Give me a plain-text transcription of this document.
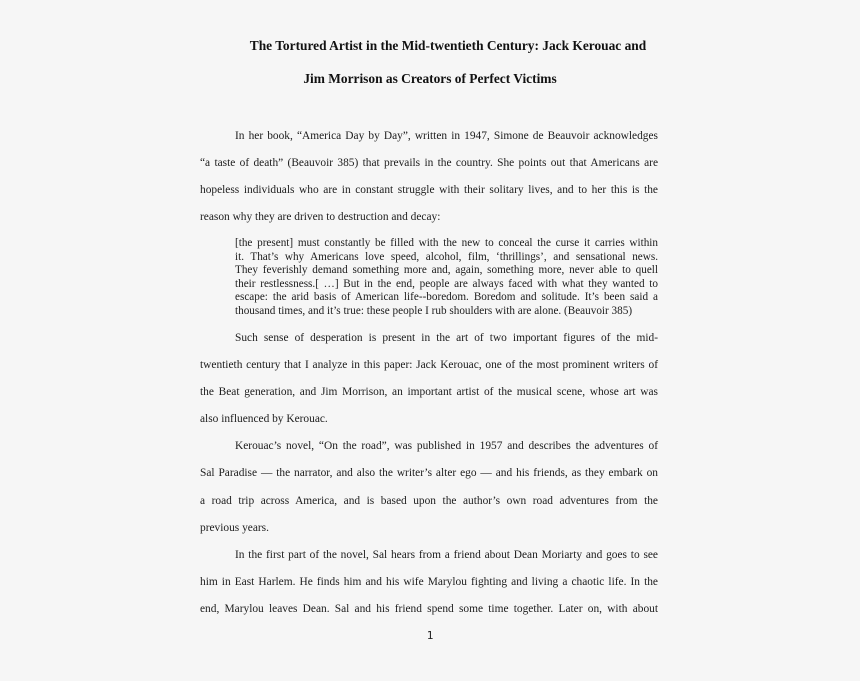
The Tortured Artist in the Mid-twentieth Century: Jack Kerouac and
Jim Morrison as Creators of Perfect Victims
In her book, “America Day by Day”, written in 1947, Simone de Beauvoir acknowledges
“a taste of death” (Beauvoir 385) that prevails in the country. She points out that Americans are
hopeless individuals who are in constant struggle with their solitary lives, and to her this is the
reason why they are driven to destruction and decay:
[the present] must constantly be filled with the new to conceal the curse it carries within
it. That’s why Americans love speed, alcohol, film, ‘thrillings’, and sensational news.
They feverishly demand something more and, again, something more, never able to quell
their restlessness.[ …] But in the end, people are always faced with what they wanted to
escape: the arid basis of American life--boredom. Boredom and solitude. It’s been said a
thousand times, and it’s true: these people I rub shoulders with are alone. (Beauvoir 385)
Such sense of desperation is present in the art of two important figures of the mid-
twentieth century that I analyze in this paper: Jack Kerouac, one of the most prominent writers of
the Beat generation, and Jim Morrison, an important artist of the musical scene, whose art was
also influenced by Kerouac.
Kerouac’s novel, “On the road”, was published in 1957 and describes the adventures of
Sal Paradise — the narrator, and also the writer’s alter ego — and his friends, as they embark on
a road trip across America, and is based upon the author’s own road adventures from the
previous years.
In the first part of the novel, Sal hears from a friend about Dean Moriarty and goes to see
him in East Harlem. He finds him and his wife Marylou fighting and living a chaotic life. In the
end, Marylou leaves Dean. Sal and his friend spend some time together. Later on, with about
1
